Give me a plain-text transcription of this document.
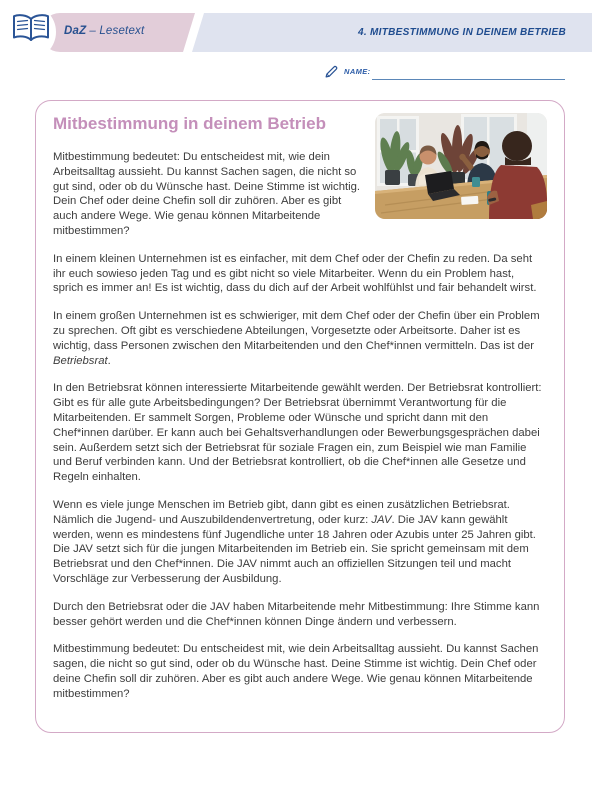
DaZ – Lesetext	4. MITBESTIMMUNG IN DEINEM BETRIEB
NAME:
Mitbestimmung in deinem Betrieb

Mitbestimmung bedeutet: Du entscheidest mit, wie dein Arbeitsalltag aussieht. Du kannst Sachen sagen, die nicht so gut sind, oder ob du Wünsche hast. Deine Stimme ist wichtig. Dein Chef oder deine Chefin soll dir zuhören. Aber es gibt auch andere Wege. Wie genau können Mitarbeitende mitbestimmen?

In einem kleinen Unternehmen ist es einfacher, mit dem Chef oder der Chefin zu reden. Da seht ihr euch sowieso jeden Tag und es gibt nicht so viele Mitarbeiter. Wenn du ein Problem hast, sprich es immer an! Es ist wichtig, dass du dich auf der Arbeit wohlfühlst und fair behandelt wirst.

In einem großen Unternehmen ist es schwieriger, mit dem Chef oder der Chefin über ein Problem zu sprechen. Oft gibt es verschiedene Abteilungen, Vorgesetzte oder Arbeitsorte. Daher ist es wichtig, dass Personen zwischen den Mitarbeitenden und den Chef*innen vermitteln. Das ist der Betriebsrat.

In den Betriebsrat können interessierte Mitarbeitende gewählt werden. Der Betriebsrat kontrolliert: Gibt es für alle gute Arbeitsbedingungen? Der Betriebsrat übernimmt Verantwortung für die Mitarbeitenden. Er sammelt Sorgen, Probleme oder Wünsche und spricht dann mit den Chef*innen darüber. Er kann auch bei Gehaltsverhandlungen oder Bewerbungsgesprächen dabei sein. Außerdem setzt sich der Betriebsrat für soziale Fragen ein, zum Beispiel wie man Familie und Beruf verbinden kann. Und der Betriebsrat kontrolliert, ob die Chef*innen alle Gesetze und Regeln einhalten.

Wenn es viele junge Menschen im Betrieb gibt, dann gibt es einen zusätzlichen Betriebsrat. Nämlich die Jugend- und Auszubildendenvertretung, oder kurz: JAV. Die JAV kann gewählt werden, wenn es mindestens fünf Jugendliche unter 18 Jahren oder Azubis unter 25 Jahren gibt. Die JAV setzt sich für die jungen Mitarbeitenden im Betrieb ein. Sie spricht gemeinsam mit dem Betriebsrat und den Chef*innen. Die JAV nimmt auch an offiziellen Sitzungen teil und macht Vorschläge zur Verbesserung der Ausbildung.

Durch den Betriebsrat oder die JAV haben Mitarbeitende mehr Mitbestimmung: Ihre Stimme kann besser gehört werden und die Chef*innen können Dinge ändern und verbessern.

Mitbestimmung bedeutet: Du entscheidest mit, wie dein Arbeitsalltag aussieht. Du kannst Sachen sagen, die nicht so gut sind, oder ob du Wünsche hast. Deine Stimme ist wichtig. Dein Chef oder deine Chefin soll dir zuhören. Aber es gibt auch andere Wege. Wie genau können Mitarbeitende mitbestimmen?
